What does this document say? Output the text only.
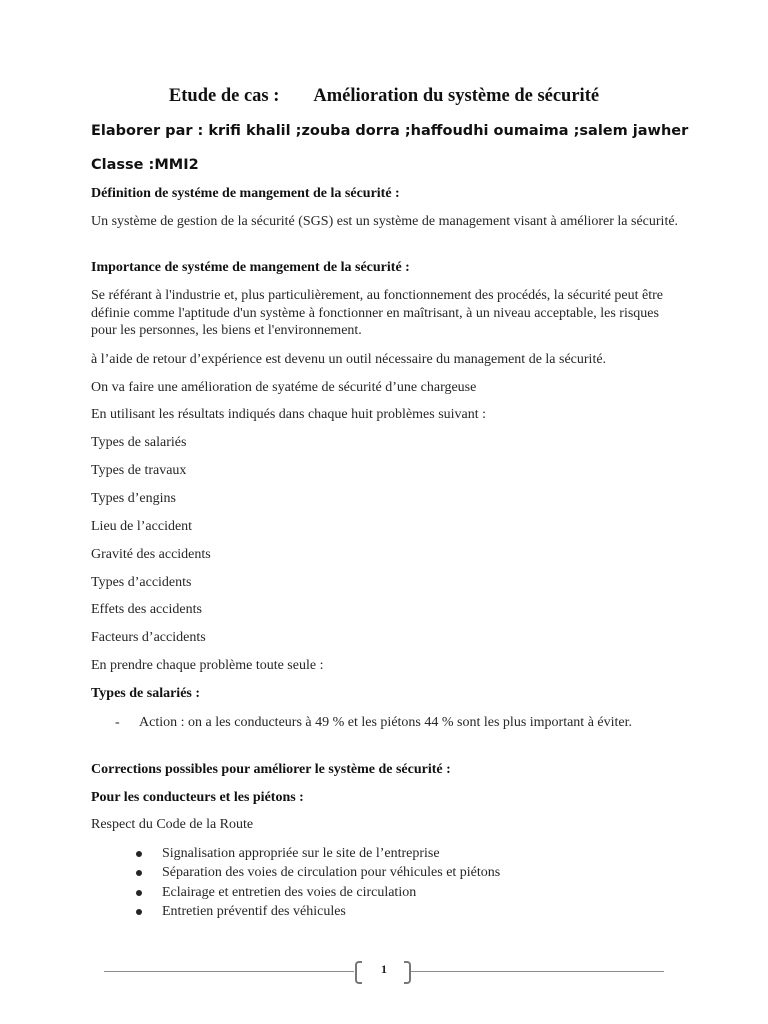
Etude de cas : Amélioration du système de sécurité
Elaborer par : krifi khalil ;zouba dorra ;haffoudhi oumaima ;salem jawher
Classe :MMI2
Définition de systéme de mangement de la sécurité :
Un système de gestion de la sécurité (SGS) est un système de management visant à améliorer la sécurité.
Importance de systéme de mangement de la sécurité :
Se référant à l'industrie et, plus particulièrement, au fonctionnement des procédés, la sécurité peut être définie comme l'aptitude d'un système à fonctionner en maîtrisant, à un niveau acceptable, les risques pour les personnes, les biens et l'environnement.
à l’aide de retour d’expérience est devenu un outil nécessaire du management de la sécurité.
On va faire une amélioration de syatéme de sécurité d’une chargeuse
En utilisant les résultats indiqués dans chaque huit problèmes suivant :
Types de salariés
Types de travaux
Types d’engins
Lieu de l’accident
Gravité des accidents
Types d’accidents
Effets des accidents
Facteurs d’accidents
En prendre chaque problème toute seule :
Types de salariés :
- Action : on a les conducteurs à 49 % et les piétons 44 % sont les plus important à éviter.
Corrections possibles pour améliorer le système de sécurité :
Pour les conducteurs et les piétons :
Respect du Code de la Route
Signalisation appropriée sur le site de l’entreprise
Séparation des voies de circulation pour véhicules et piétons
Eclairage et entretien des voies de circulation
Entretien préventif des véhicules
1
